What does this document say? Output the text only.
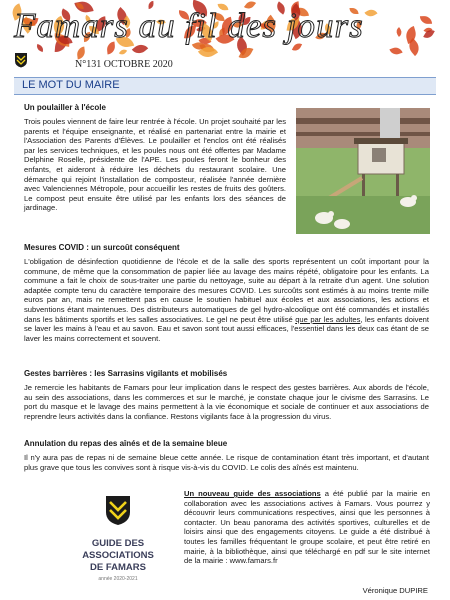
Famars au fil des jours
N°131 OCTOBRE 2020
LE MOT DU MAIRE
Un poulailler à l'école

Trois poules viennent de faire leur rentrée à l'école. Un projet souhaité par les parents et l'équipe enseignante, et réalisé en partenariat entre la mairie et l'Association des Parents d'Élèves. Le poulailler et l'enclos ont été réalisés par les services techniques, et les poules nous ont été offertes par Madame Delphine Roselle, présidente de l'APE. Les poules feront le bonheur des enfants, et aideront à réduire les déchets du restaurant scolaire. Une démarche qui rejoint l'installation de composteur, réalisée l'année dernière avec Valenciennes Métropole, pour accueillir les restes de fruits des goûters. Le compost peut ensuite être utilisé par les enfants lors des séances de jardinage.

Mesures COVID : un surcoût conséquent

L'obligation de désinfection quotidienne de l'école et de la salle des sports représentent un coût important pour la commune, de même que la consommation de papier liée au lavage des mains répété, obligatoire pour les enfants. La commune a fait le choix de sous-traiter une partie du nettoyage, suite au départ à la retraite d'un agent. Une solution adaptée compte tenu du caractère temporaire des mesures COVID. Les surcoûts sont estimés à au moins trente mille euros par an, mais ne remettent pas en cause le soutien habituel aux écoles et aux associations, les actions et subventions étant maintenues. Des distributeurs automatiques de gel hydro-alcoolique ont été commandés et installés dans les bâtiments sportifs et les salles associatives. Le gel ne peut être utilisé que par les adultes, les enfants doivent se laver les mains à l'eau et au savon. Eau et savon sont tout aussi efficaces, l'essentiel dans les deux cas étant de se laver les mains correctement et souvent.

Gestes barrières : les Sarrasins vigilants et mobilisés

Je remercie les habitants de Famars pour leur implication dans le respect des gestes barrières. Aux abords de l'école, au sein des associations, dans les commerces et sur le marché, je constate chaque jour le civisme des Sarrasins. Le port du masque et le lavage des mains permettent à la vie économique et sociale de continuer et aux associations de reprendre leurs activités dans la confiance. Restons vigilants face à la progression du virus.

Annulation du repas des aînés et de la semaine bleue

Il n'y aura pas de repas ni de semaine bleue cette année. Le risque de contamination étant très important, et d'autant plus grave que tous les convives sont à risque vis-à-vis du COVID. Le colis des aînés est maintenu.

GUIDE DES
ASSOCIATIONS
DE FAMARS
année 2020-2021

Un nouveau guide des associations a été publié par la mairie en collaboration avec les associations actives à Famars. Vous pourrez y découvrir leurs communications respectives, ainsi que les personnes à contacter. Un beau panorama des activités sportives, culturelles et de loisirs ainsi que des engagements citoyens. Le guide a été distribué à toutes les familles fréquentant le groupe scolaire, et peut être retiré en mairie, à la bibliothèque, ainsi que téléchargé en pdf sur le site internet de la mairie : www.famars.fr

Véronique DUPIRE
